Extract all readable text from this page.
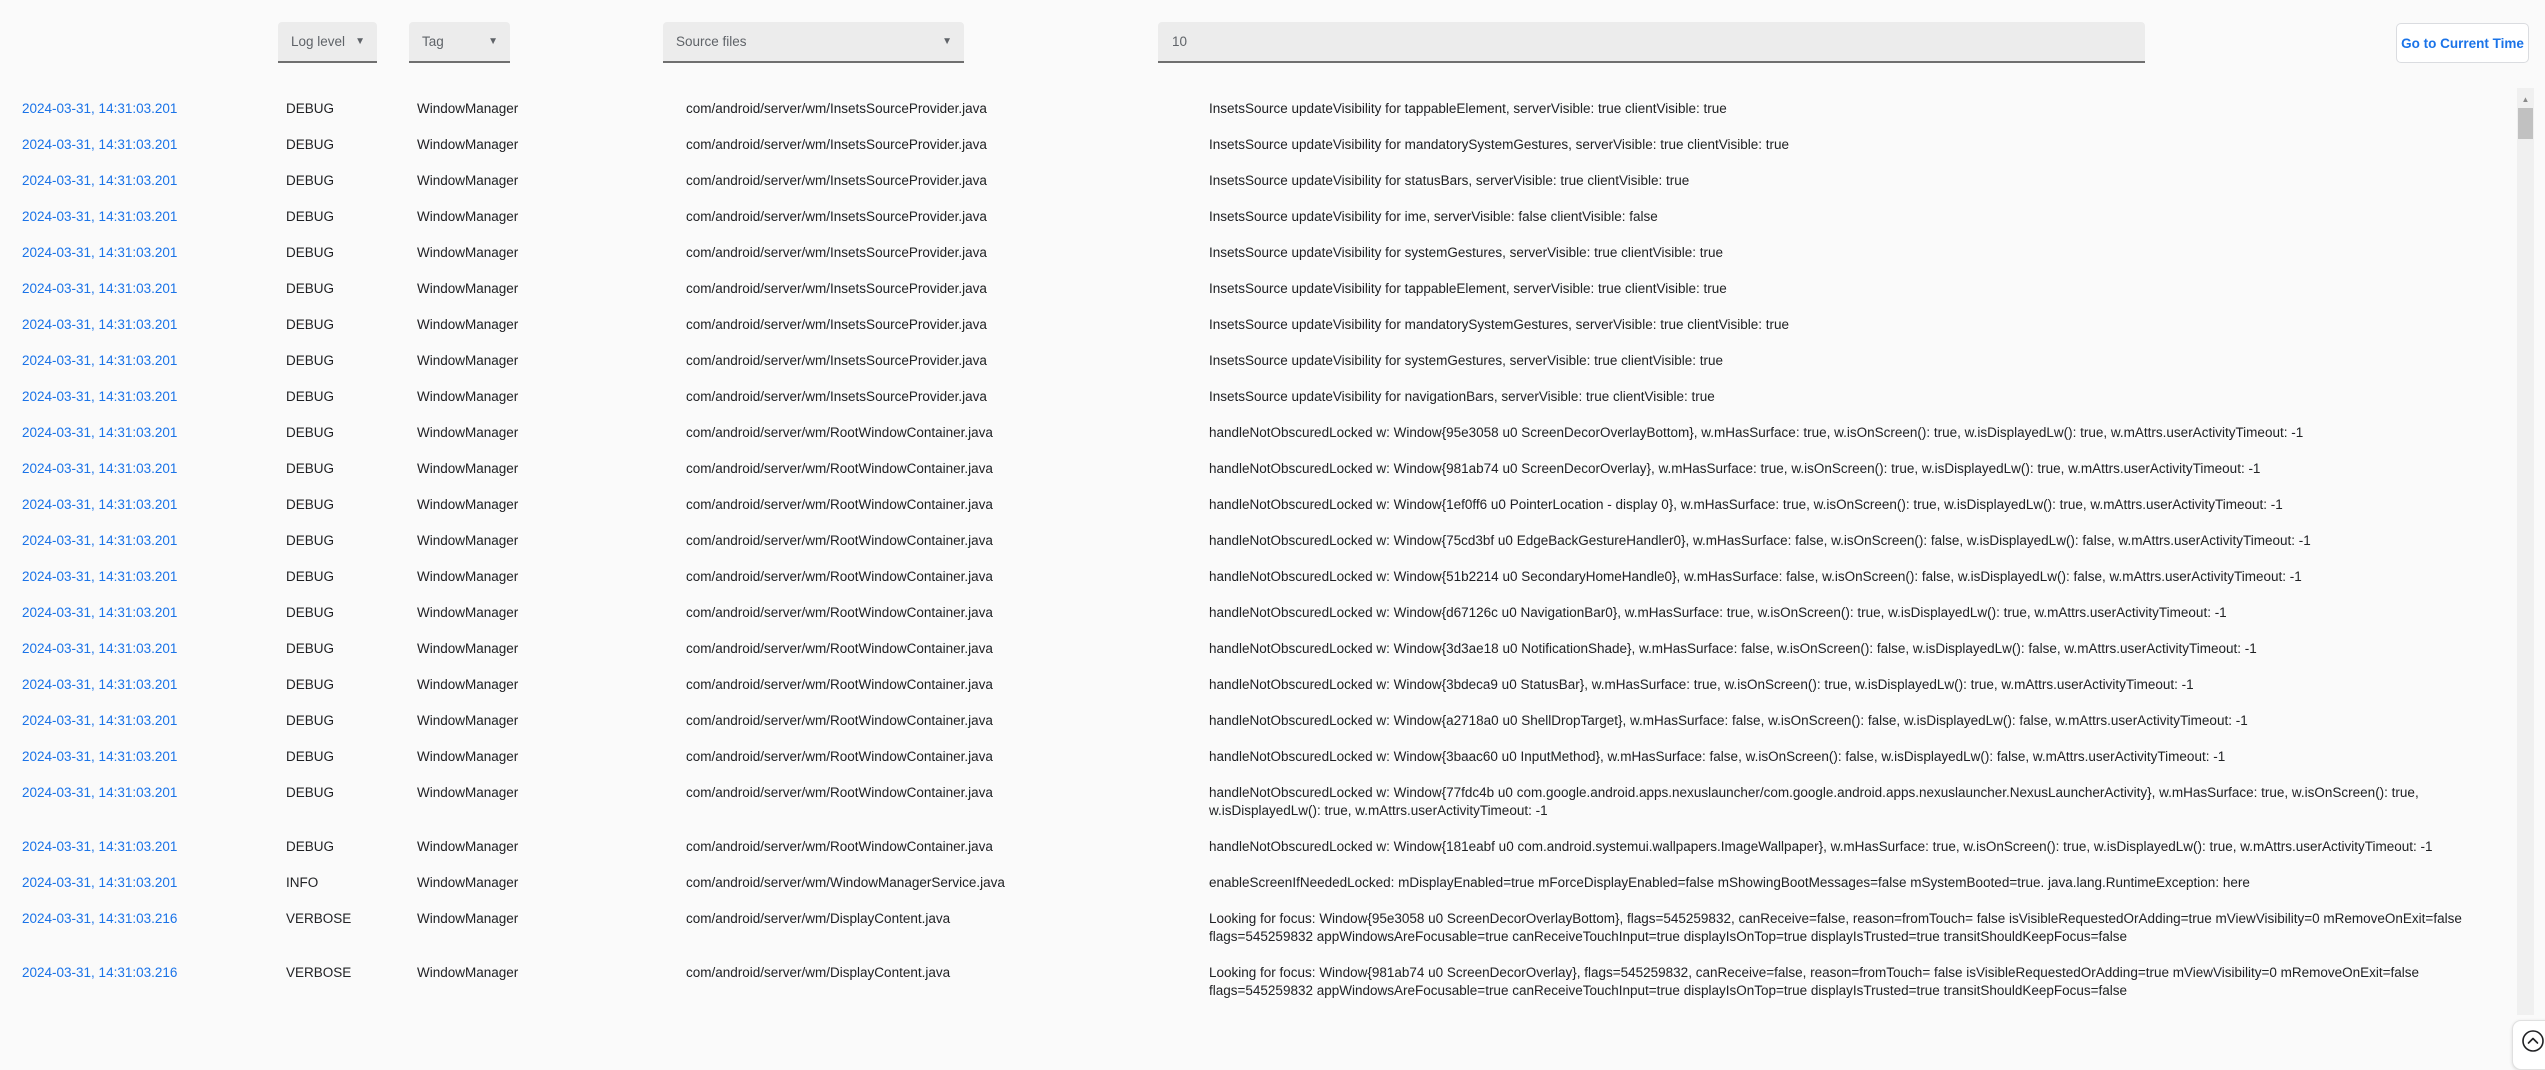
Log level ▼	Tag	▼	Source files	▼
10	Go to Current Time
2024-03-31, 14:31:03.201	DEBUG	WindowManager	com/android/server/wm/InsetsSourceProvider.java	InsetsSource updateVisibility for tappableElement, serverVisible: true clientVisible: true
2024-03-31, 14:31:03.201	DEBUG	WindowManager	com/android/server/wm/InsetsSourceProvider.java	InsetsSource updateVisibility for mandatorySystemGestures, serverVisible: true clientVisible: true
2024-03-31, 14:31:03.201	DEBUG	WindowManager	com/android/server/wm/InsetsSourceProvider.java	InsetsSource updateVisibility for statusBars, serverVisible: true clientVisible: true
2024-03-31, 14:31:03.201	DEBUG	WindowManager	com/android/server/wm/InsetsSourceProvider.java	InsetsSource updateVisibility for ime, serverVisible: false clientVisible: false
2024-03-31, 14:31:03.201	DEBUG	WindowManager	com/android/server/wm/InsetsSourceProvider.java	InsetsSource updateVisibility for systemGestures, serverVisible: true clientVisible: true
2024-03-31, 14:31:03.201	DEBUG	WindowManager	com/android/server/wm/InsetsSourceProvider.java	InsetsSource updateVisibility for tappableElement, serverVisible: true clientVisible: true
2024-03-31, 14:31:03.201	DEBUG	WindowManager	com/android/server/wm/InsetsSourceProvider.java	InsetsSource updateVisibility for mandatorySystemGestures, serverVisible: true clientVisible: true
2024-03-31, 14:31:03.201	DEBUG	WindowManager	com/android/server/wm/InsetsSourceProvider.java	InsetsSource updateVisibility for systemGestures, serverVisible: true clientVisible: true
2024-03-31, 14:31:03.201	DEBUG	WindowManager	com/android/server/wm/InsetsSourceProvider.java	InsetsSource updateVisibility for navigationBars, serverVisible: true clientVisible: true
2024-03-31, 14:31:03.201	DEBUG	WindowManager	com/android/server/wm/RootWindowContainer.java	handleNotObscuredLocked w: Window{95e3058 u0 ScreenDecorOverlayBottom}, w.mHasSurface: true, w.isOnScreen(): true, w.isDisplayedLw(): true, w.mAttrs.userActivityTimeout: -1
2024-03-31, 14:31:03.201	DEBUG	WindowManager	com/android/server/wm/RootWindowContainer.java	handleNotObscuredLocked w: Window{981ab74 u0 ScreenDecorOverlay}, w.mHasSurface: true, w.isOnScreen(): true, w.isDisplayedLw(): true, w.mAttrs.userActivityTimeout: -1
2024-03-31, 14:31:03.201	DEBUG	WindowManager	com/android/server/wm/RootWindowContainer.java	handleNotObscuredLocked w: Window{1ef0ff6 u0 PointerLocation - display 0}, w.mHasSurface: true, w.isOnScreen(): true, w.isDisplayedLw(): true, w.mAttrs.userActivityTimeout: -1
2024-03-31, 14:31:03.201	DEBUG	WindowManager	com/android/server/wm/RootWindowContainer.java	handleNotObscuredLocked w: Window{75cd3bf u0 EdgeBackGestureHandler0}, w.mHasSurface: false, w.isOnScreen(): false, w.isDisplayedLw(): false, w.mAttrs.userActivityTimeout: -1
2024-03-31, 14:31:03.201	DEBUG	WindowManager	com/android/server/wm/RootWindowContainer.java	handleNotObscuredLocked w: Window{51b2214 u0 SecondaryHomeHandle0}, w.mHasSurface: false, w.isOnScreen(): false, w.isDisplayedLw(): false, w.mAttrs.userActivityTimeout: -1
2024-03-31, 14:31:03.201	DEBUG	WindowManager	com/android/server/wm/RootWindowContainer.java	handleNotObscuredLocked w: Window{d67126c u0 NavigationBar0}, w.mHasSurface: true, w.isOnScreen(): true, w.isDisplayedLw(): true, w.mAttrs.userActivityTimeout: -1
2024-03-31, 14:31:03.201	DEBUG	WindowManager	com/android/server/wm/RootWindowContainer.java	handleNotObscuredLocked w: Window{3d3ae18 u0 NotificationShade}, w.mHasSurface: false, w.isOnScreen(): false, w.isDisplayedLw(): false, w.mAttrs.userActivityTimeout: -1
2024-03-31, 14:31:03.201	DEBUG	WindowManager	com/android/server/wm/RootWindowContainer.java	handleNotObscuredLocked w: Window{3bdeca9 u0 StatusBar}, w.mHasSurface: true, w.isOnScreen(): true, w.isDisplayedLw(): true, w.mAttrs.userActivityTimeout: -1
2024-03-31, 14:31:03.201	DEBUG	WindowManager	com/android/server/wm/RootWindowContainer.java	handleNotObscuredLocked w: Window{a2718a0 u0 ShellDropTarget}, w.mHasSurface: false, w.isOnScreen(): false, w.isDisplayedLw(): false, w.mAttrs.userActivityTimeout: -1
2024-03-31, 14:31:03.201	DEBUG	WindowManager	com/android/server/wm/RootWindowContainer.java	handleNotObscuredLocked w: Window{3baac60 u0 InputMethod}, w.mHasSurface: false, w.isOnScreen(): false, w.isDisplayedLw(): false, w.mAttrs.userActivityTimeout: -1
2024-03-31, 14:31:03.201	DEBUG	WindowManager	com/android/server/wm/RootWindowContainer.java	handleNotObscuredLocked w: Window{77fdc4b u0 com.google.android.apps.nexuslauncher/com.google.android.apps.nexuslauncher.NexusLauncherActivity}, w.mHasSurface: true, w.isOnScreen(): true, w.isDisplayedLw(): true, w.mAttrs.userActivityTimeout: -1
2024-03-31, 14:31:03.201	DEBUG	WindowManager	com/android/server/wm/RootWindowContainer.java	handleNotObscuredLocked w: Window{181eabf u0 com.android.systemui.wallpapers.ImageWallpaper}, w.mHasSurface: true, w.isOnScreen(): true, w.isDisplayedLw(): true, w.mAttrs.userActivityTimeout: -1
2024-03-31, 14:31:03.201	INFO	WindowManager	com/android/server/wm/WindowManagerService.java	enableScreenIfNeededLocked: mDisplayEnabled=true mForceDisplayEnabled=false mShowingBootMessages=false mSystemBooted=true. java.lang.RuntimeException: here
2024-03-31, 14:31:03.216	VERBOSE	WindowManager	com/android/server/wm/DisplayContent.java	Looking for focus: Window{95e3058 u0 ScreenDecorOverlayBottom}, flags=545259832, canReceive=false, reason=fromTouch= false isVisibleRequestedOrAdding=true mViewVisibility=0 mRemoveOnExit=false flags=545259832 appWindowsAreFocusable=true canReceiveTouchInput=true displayIsOnTop=true displayIsTrusted=true transitShouldKeepFocus=false
2024-03-31, 14:31:03.216	VERBOSE	WindowManager	com/android/server/wm/DisplayContent.java	Looking for focus: Window{981ab74 u0 ScreenDecorOverlay}, flags=545259832, canReceive=false, reason=fromTouch= false isVisibleRequestedOrAdding=true mViewVisibility=0 mRemoveOnExit=false flags=545259832 appWindowsAreFocusable=true canReceiveTouchInput=true displayIsOnTop=true displayIsTrusted=true transitShouldKeepFocus=false
▲
